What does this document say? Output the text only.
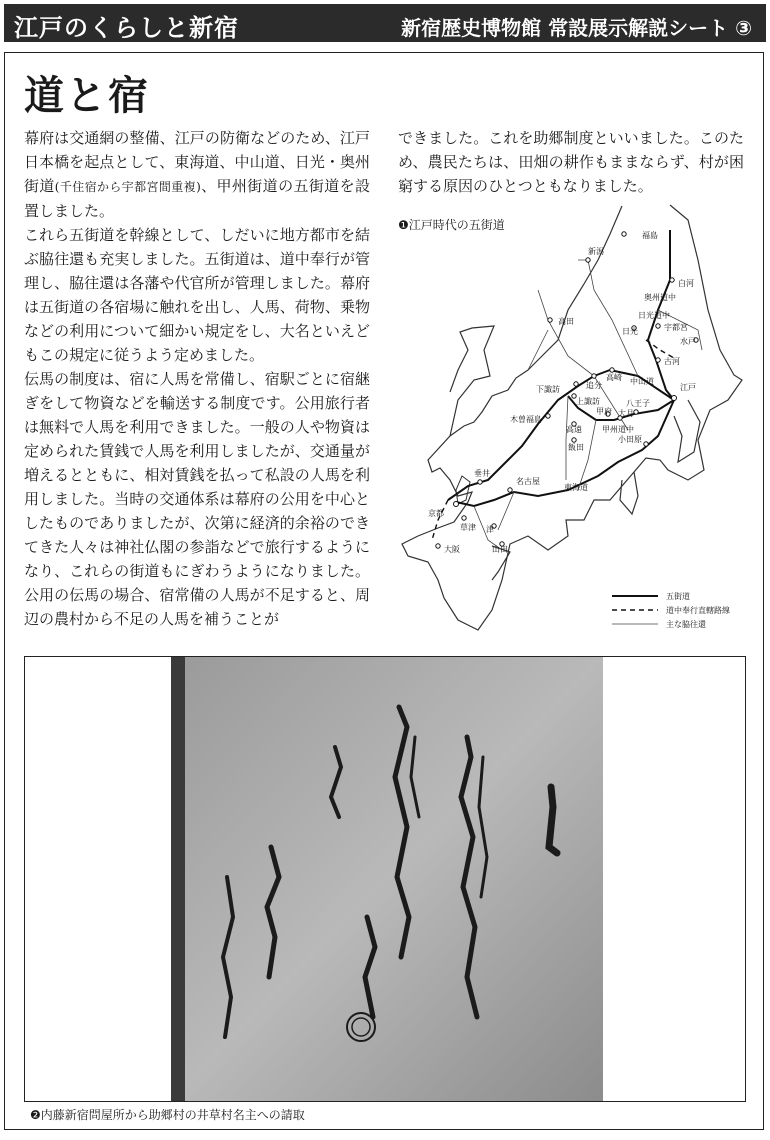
江戸のくらしと新宿	新宿歴史博物館 常設展示解説シート ③
道と宿

幕府は交通網の整備、江戸の防衛などのため、江戸日本橋を起点として、東海道、中山道、日光・奥州街道(千住宿から宇都宮間重複)、甲州街道の五街道を設置しました。

これら五街道を幹線として、しだいに地方都市を結ぶ脇往還も充実しました。五街道は、道中奉行が管理し、脇往還は各藩や代官所が管理しました。幕府は五街道の各宿場に触れを出し、人馬、荷物、乗物などの利用について細かい規定をし、大名といえどもこの規定に従うよう定めました。

伝馬の制度は、宿に人馬を常備し、宿駅ごとに宿継ぎをして物資などを輸送する制度です。公用旅行者は無料で人馬を利用できました。一般の人や物資は定められた賃銭で人馬を利用しましたが、交通量が増えるとともに、相対賃銭を払って私設の人馬を利用しました。当時の交通体系は幕府の公用を中心としたものでありましたが、次第に経済的余裕のできてきた人々は神社仏閣の参詣などで旅行するようになり、これらの街道もにぎわうようになりました。公用の伝馬の場合、宿常備の人馬が不足すると、周辺の農村から不足の人馬を補うことが

できました。これを助郷制度といいました。このため、農民たちは、田畑の耕作もままならず、村が困窮する原因のひとつともなりました。

❶江戸時代の五街道
福島
新潟
白河
奥州道中
日光道中
高田
日光	宇都宮
水戸
古河
下諏訪	追分
高崎 中山道
江戸
上諏訪
甲府
八王子
大月
木曽福島
高遠	甲州道中
飯田
小田原
垂井
名古屋
東海道
京都
草津 津
大阪	山田
五街道
道中奉行直轄路線
主な脇往還
❷内藤新宿問屋所から助郷村の井草村名主への請取
